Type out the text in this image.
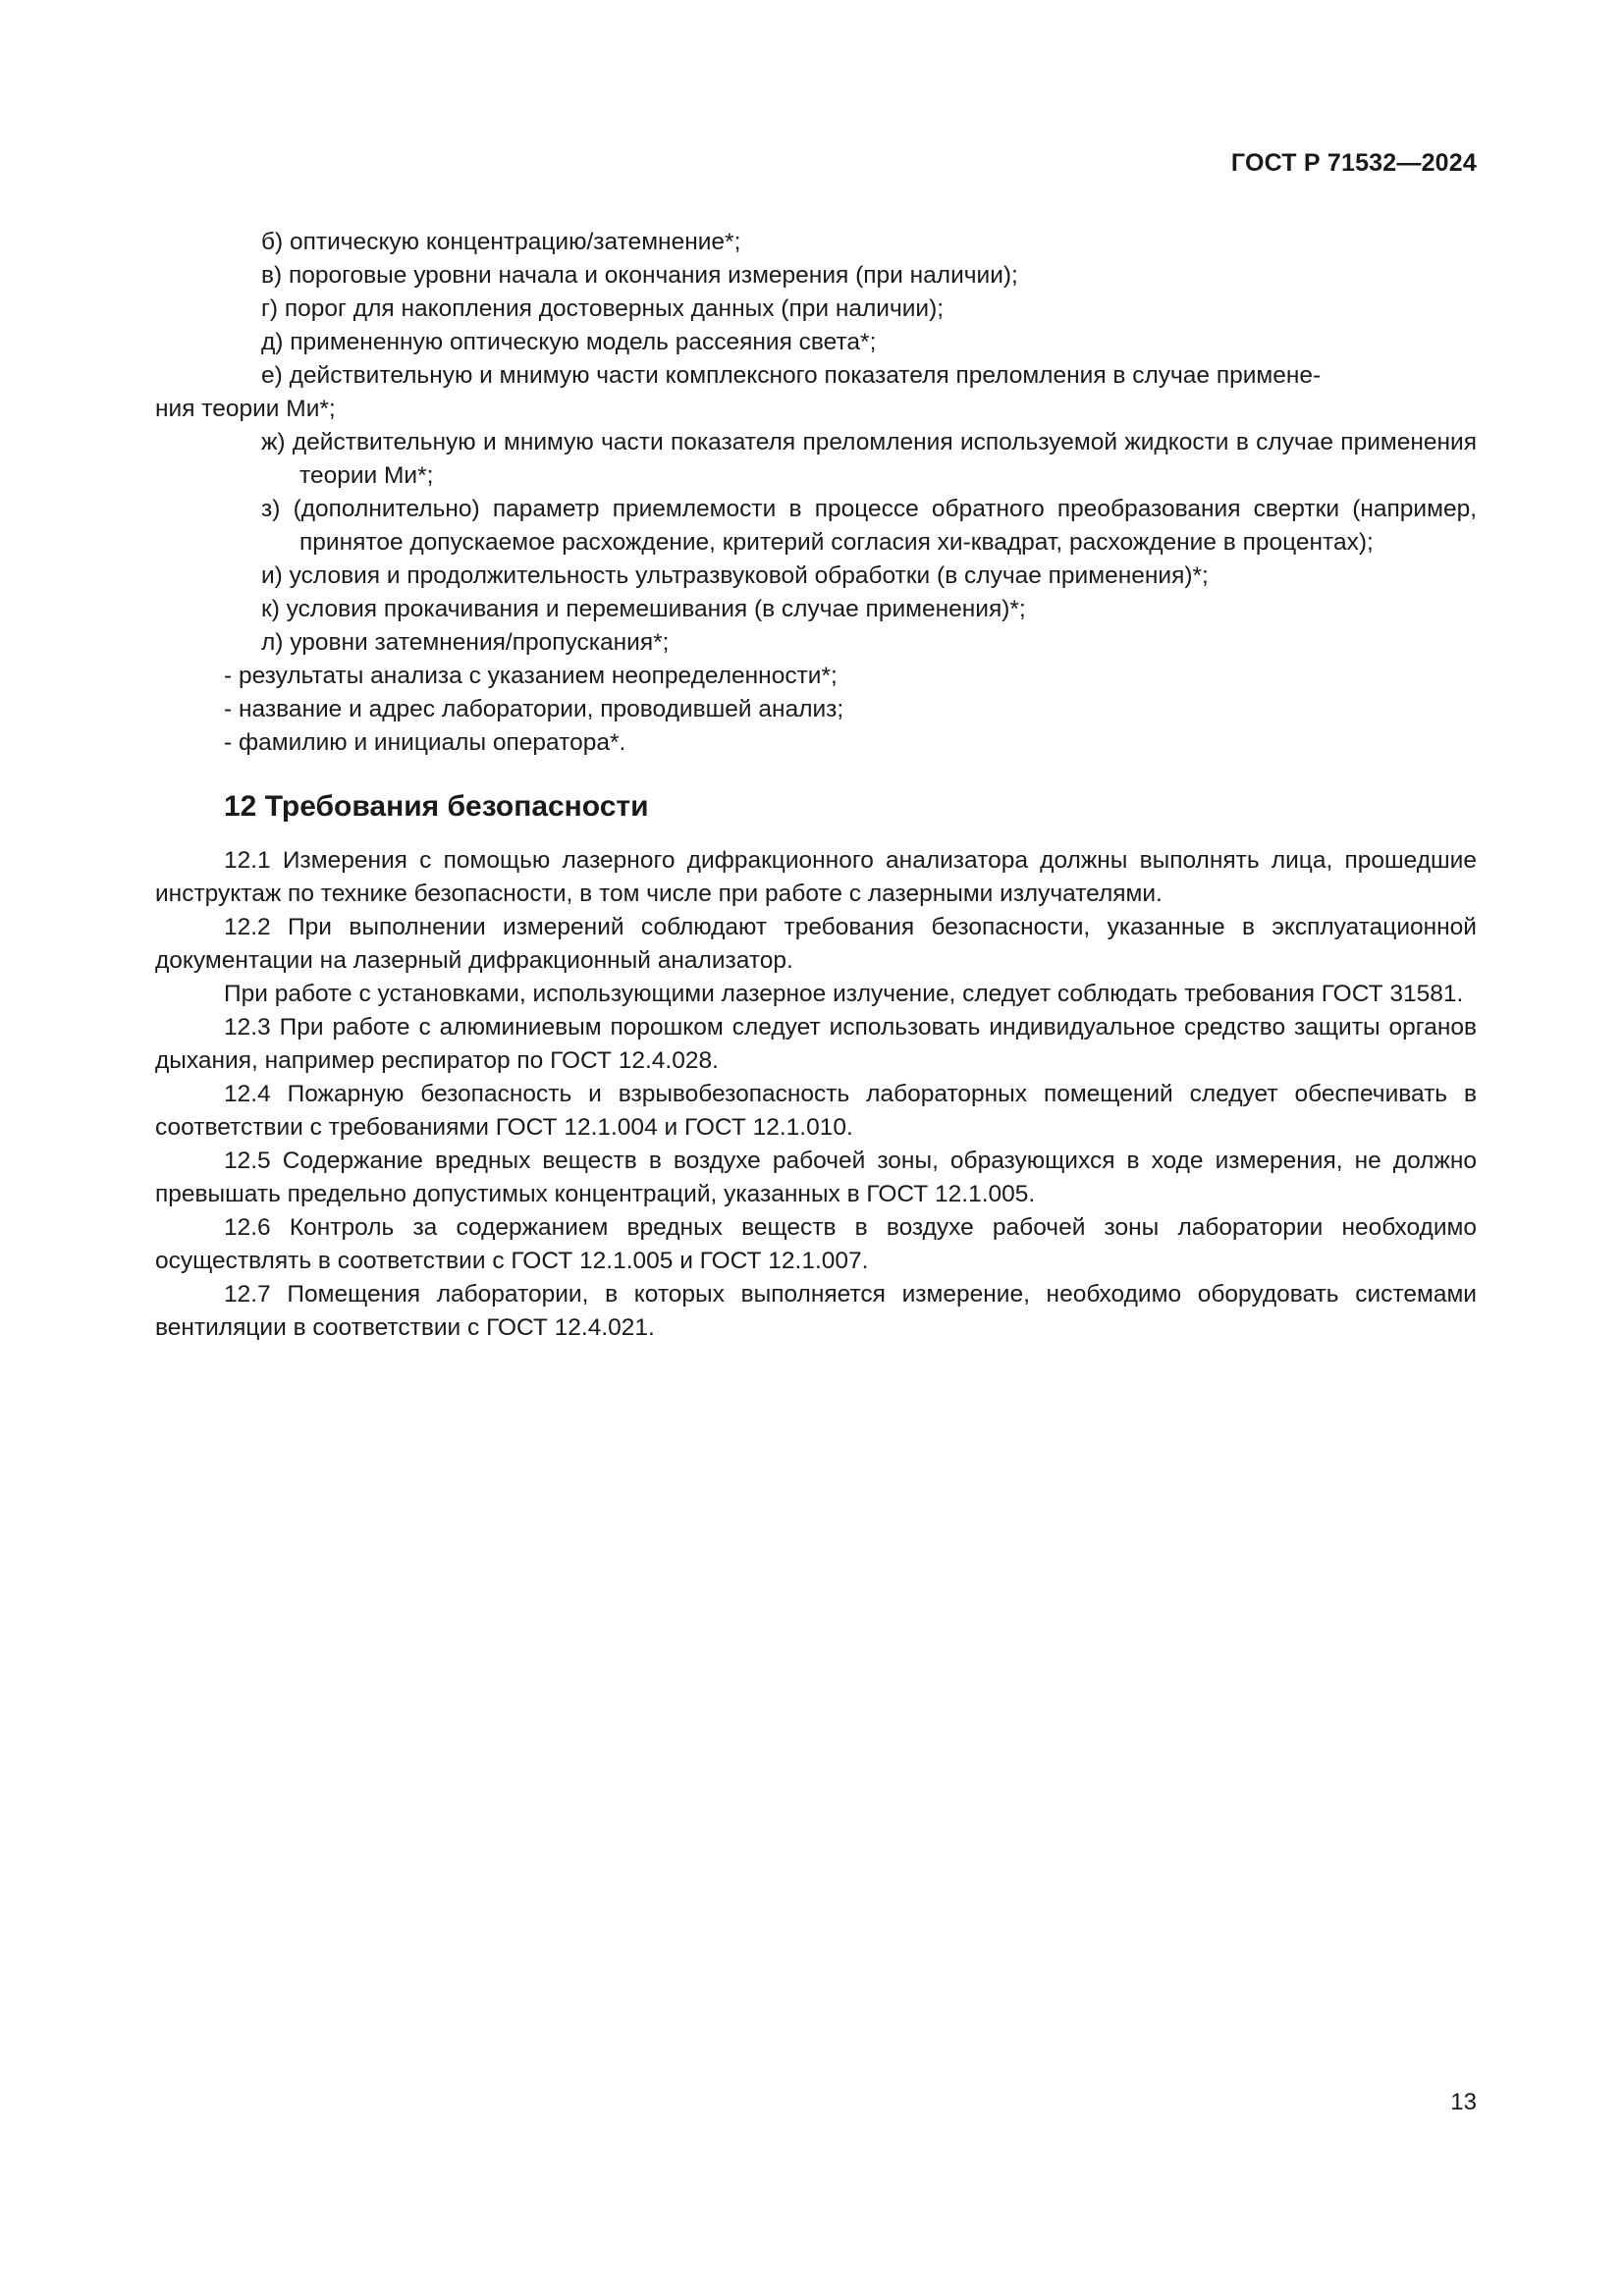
ГОСТ Р 71532—2024
б) оптическую концентрацию/затемнение*;
в) пороговые уровни начала и окончания измерения (при наличии);
г) порог для накопления достоверных данных (при наличии);
д) примененную оптическую модель рассеяния света*;
е) действительную и мнимую части комплексного показателя преломления в случае примене-
ния теории Ми*;
ж) действительную и мнимую части показателя преломления используемой жидкости в случае применения теории Ми*;
з) (дополнительно) параметр приемлемости в процессе обратного преобразования свертки (например, принятое допускаемое расхождение, критерий согласия хи-квадрат, расхождение в процентах);
и) условия и продолжительность ультразвуковой обработки (в случае применения)*;
к) условия прокачивания и перемешивания (в случае применения)*;
л) уровни затемнения/пропускания*;
- результаты анализа с указанием неопределенности*;
- название и адрес лаборатории, проводившей анализ;
- фамилию и инициалы оператора*.
12 Требования безопасности
12.1 Измерения с помощью лазерного дифракционного анализатора должны выполнять лица, прошедшие инструктаж по технике безопасности, в том числе при работе с лазерными излучателями.
12.2 При выполнении измерений соблюдают требования безопасности, указанные в эксплуатационной документации на лазерный дифракционный анализатор.
При работе с установками, использующими лазерное излучение, следует соблюдать требования ГОСТ 31581.
12.3 При работе с алюминиевым порошком следует использовать индивидуальное средство защиты органов дыхания, например респиратор по ГОСТ 12.4.028.
12.4 Пожарную безопасность и взрывобезопасность лабораторных помещений следует обеспечивать в соответствии с требованиями ГОСТ 12.1.004 и ГОСТ 12.1.010.
12.5 Содержание вредных веществ в воздухе рабочей зоны, образующихся в ходе измерения, не должно превышать предельно допустимых концентраций, указанных в ГОСТ 12.1.005.
12.6 Контроль за содержанием вредных веществ в воздухе рабочей зоны лаборатории необходимо осуществлять в соответствии с ГОСТ 12.1.005 и ГОСТ 12.1.007.
12.7 Помещения лаборатории, в которых выполняется измерение, необходимо оборудовать системами вентиляции в соответствии с ГОСТ 12.4.021.
13
